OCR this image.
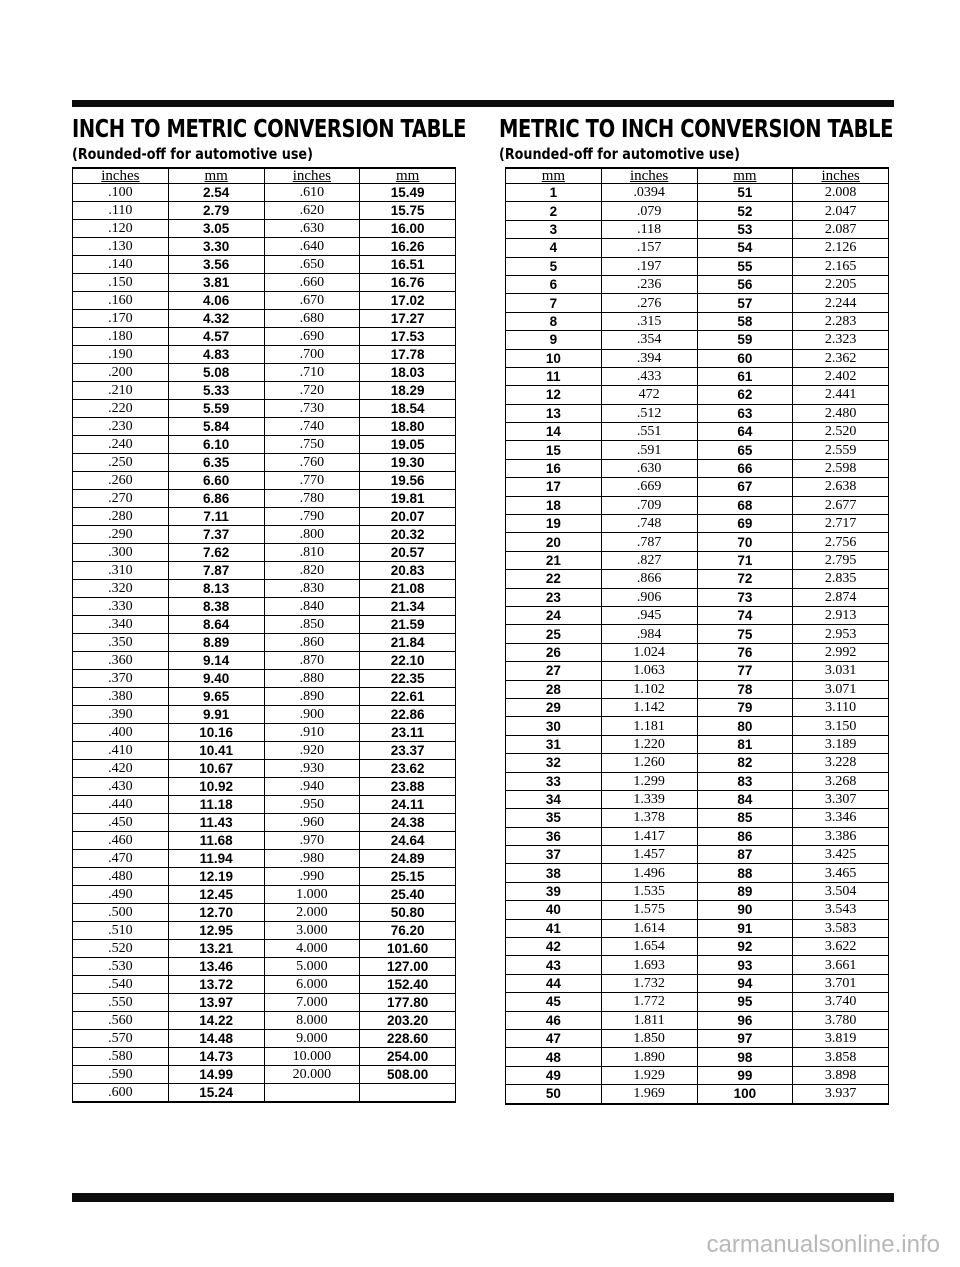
INCH TO METRIC CONVERSION TABLE
(Rounded-off for automotive use)
METRIC TO INCH CONVERSION TABLE
(Rounded-off for automotive use)
inches	mm	inches	mm
.100	2.54	.610	15.49
.110	2.79	.620	15.75
.120	3.05	.630	16.00
.130	3.30	.640	16.26
.140	3.56	.650	16.51
.150	3.81	.660	16.76
.160	4.06	.670	17.02
.170	4.32	.680	17.27
.180	4.57	.690	17.53
.190	4.83	.700	17.78
.200	5.08	.710	18.03
.210	5.33	.720	18.29
.220	5.59	.730	18.54
.230	5.84	.740	18.80
.240	6.10	.750	19.05
.250	6.35	.760	19.30
.260	6.60	.770	19.56
.270	6.86	.780	19.81
.280	7.11	.790	20.07
.290	7.37	.800	20.32
.300	7.62	.810	20.57
.310	7.87	.820	20.83
.320	8.13	.830	21.08
.330	8.38	.840	21.34
.340	8.64	.850	21.59
.350	8.89	.860	21.84
.360	9.14	.870	22.10
.370	9.40	.880	22.35
.380	9.65	.890	22.61
.390	9.91	.900	22.86
.400	10.16	.910	23.11
.410	10.41	.920	23.37
.420	10.67	.930	23.62
.430	10.92	.940	23.88
.440	11.18	.950	24.11
.450	11.43	.960	24.38
.460	11.68	.970	24.64
.470	11.94	.980	24.89
.480	12.19	.990	25.15
.490	12.45	1.000	25.40
.500	12.70	2.000	50.80
.510	12.95	3.000	76.20
.520	13.21	4.000	101.60
.530	13.46	5.000	127.00
.540	13.72	6.000	152.40
.550	13.97	7.000	177.80
.560	14.22	8.000	203.20
.570	14.48	9.000	228.60
.580	14.73	10.000	254.00
.590	14.99	20.000	508.00
.600	15.24		
mm	inches	mm	inches
1	.0394	51	2.008
2	.079	52	2.047
3	.118	53	2.087
4	.157	54	2.126
5	.197	55	2.165
6	.236	56	2.205
7	.276	57	2.244
8	.315	58	2.283
9	.354	59	2.323
10	.394	60	2.362
11	.433	61	2.402
12	472	62	2.441
13	.512	63	2.480
14	.551	64	2.520
15	.591	65	2.559
16	.630	66	2.598
17	.669	67	2.638
18	.709	68	2.677
19	.748	69	2.717
20	.787	70	2.756
21	.827	71	2.795
22	.866	72	2.835
23	.906	73	2.874
24	.945	74	2.913
25	.984	75	2.953
26	1.024	76	2.992
27	1.063	77	3.031
28	1.102	78	3.071
29	1.142	79	3.110
30	1.181	80	3.150
31	1.220	81	3.189
32	1.260	82	3.228
33	1.299	83	3.268
34	1.339	84	3.307
35	1.378	85	3.346
36	1.417	86	3.386
37	1.457	87	3.425
38	1.496	88	3.465
39	1.535	89	3.504
40	1.575	90	3.543
41	1.614	91	3.583
42	1.654	92	3.622
43	1.693	93	3.661
44	1.732	94	3.701
45	1.772	95	3.740
46	1.811	96	3.780
47	1.850	97	3.819
48	1.890	98	3.858
49	1.929	99	3.898
50	1.969	100	3.937
carmanualsonline.info
